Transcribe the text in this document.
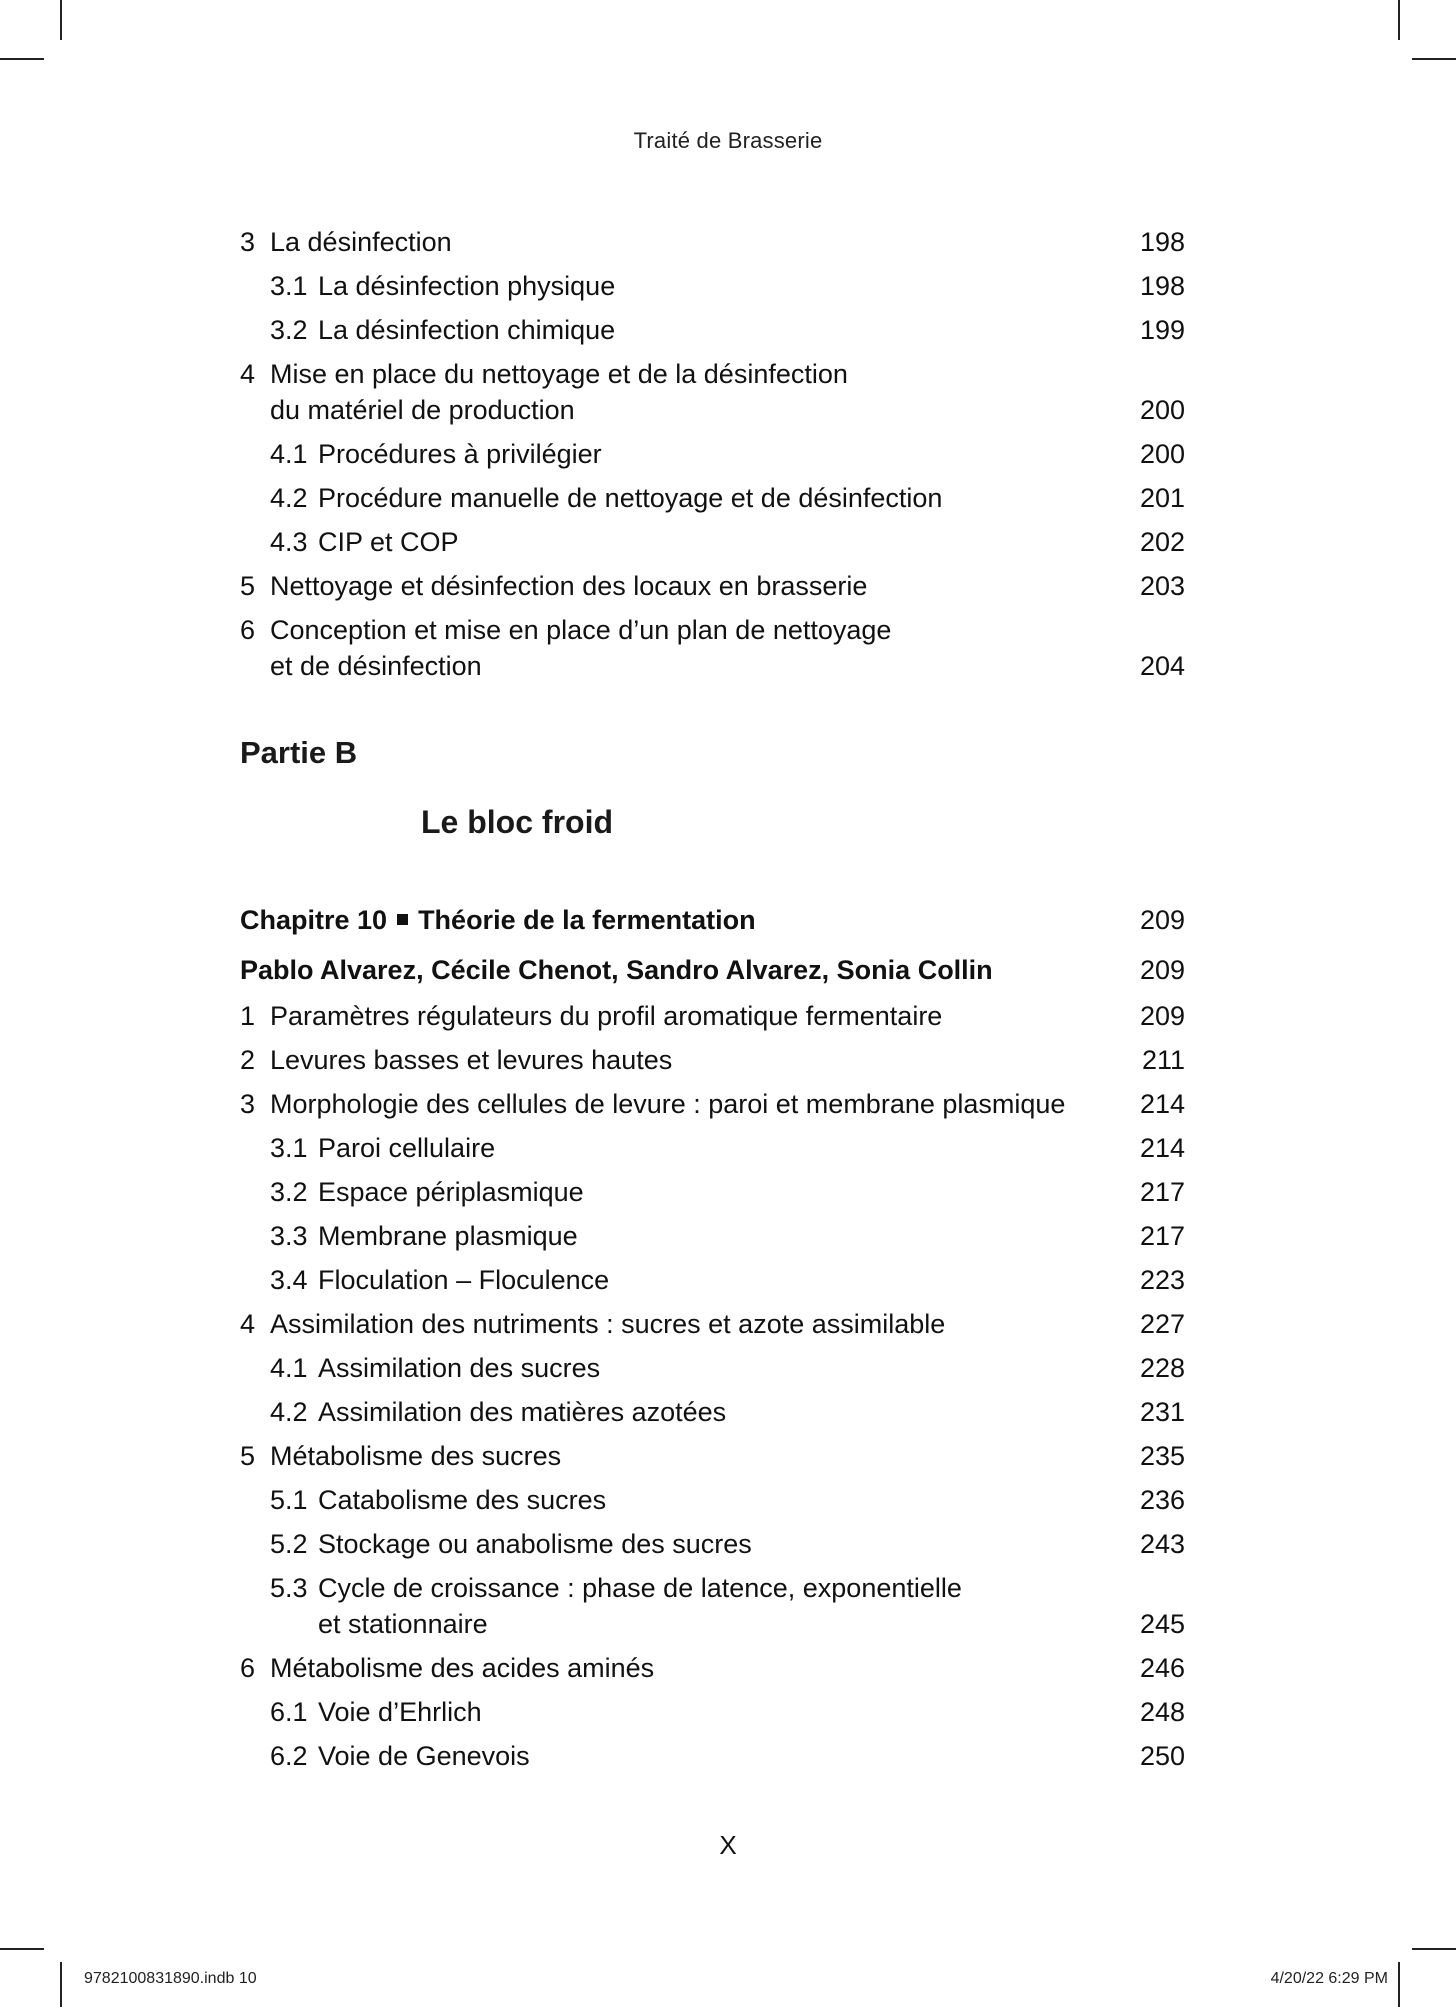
Traité de Brasserie
3 La désinfection	198
3.1 La désinfection physique	198
3.2 La désinfection chimique	199
4 Mise en place du nettoyage et de la désinfection
du matériel de production	200
4.1 Procédures à privilégier	200
4.2 Procédure manuelle de nettoyage et de désinfection	201
4.3 CIP et COP	202
5 Nettoyage et désinfection des locaux en brasserie	203
6 Conception et mise en place d’un plan de nettoyage
et de désinfection	204
Partie B
Le bloc froid
Chapitre 10 Théorie de la fermentation	209
Pablo Alvarez, Cécile Chenot, Sandro Alvarez, Sonia Collin	209
1 Paramètres régulateurs du profil aromatique fermentaire	209
2 Levures basses et levures hautes	211
3 Morphologie des cellules de levure : paroi et membrane plasmique	214
3.1 Paroi cellulaire	214
3.2 Espace périplasmique	217
3.3 Membrane plasmique	217
3.4 Floculation – Floculence	223
4 Assimilation des nutriments : sucres et azote assimilable	227
4.1 Assimilation des sucres	228
4.2 Assimilation des matières azotées	231
5 Métabolisme des sucres	235
5.1 Catabolisme des sucres	236
5.2 Stockage ou anabolisme des sucres	243
5.3 Cycle de croissance : phase de latence, exponentielle
et stationnaire	245
6 Métabolisme des acides aminés	246
6.1 Voie d’Ehrlich	248
6.2 Voie de Genevois	250
X
9782100831890.indb 10	4/20/22 6:29 PM
